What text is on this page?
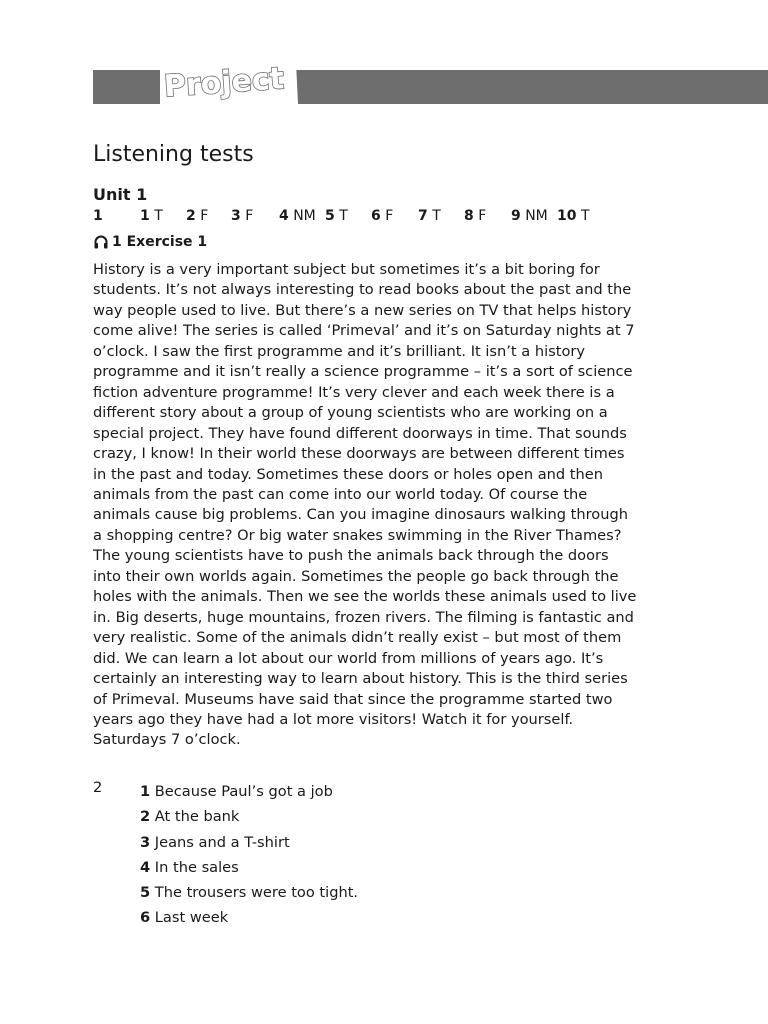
Project
Listening tests
Unit 1
1	1 T 2 F 3 F 4 NM 5 T 6 F 7 T 8 F 9 NM 10 T
1 Exercise 1
History is a very important subject but sometimes it’s a bit boring for
students. It’s not always interesting to read books about the past and the
way people used to live. But there’s a new series on TV that helps history
come alive! The series is called ‘Primeval’ and it’s on Saturday nights at 7
o’clock. I saw the first programme and it’s brilliant. It isn’t a history
programme and it isn’t really a science programme – it’s a sort of science
fiction adventure programme! It’s very clever and each week there is a
different story about a group of young scientists who are working on a
special project. They have found different doorways in time. That sounds
crazy, I know! In their world these doorways are between different times
in the past and today. Sometimes these doors or holes open and then
animals from the past can come into our world today. Of course the
animals cause big problems. Can you imagine dinosaurs walking through
a shopping centre? Or big water snakes swimming in the River Thames?
The young scientists have to push the animals back through the doors
into their own worlds again. Sometimes the people go back through the
holes with the animals. Then we see the worlds these animals used to live
in. Big deserts, huge mountains, frozen rivers. The filming is fantastic and
very realistic. Some of the animals didn’t really exist – but most of them
did. We can learn a lot about our world from millions of years ago. It’s
certainly an interesting way to learn about history. This is the third series
of Primeval. Museums have said that since the programme started two
years ago they have had a lot more visitors! Watch it for yourself.
Saturdays 7 o’clock.
2	1 Because Paul’s got a job
2 At the bank
3 Jeans and a T-shirt
4 In the sales
5 The trousers were too tight.
6 Last week
